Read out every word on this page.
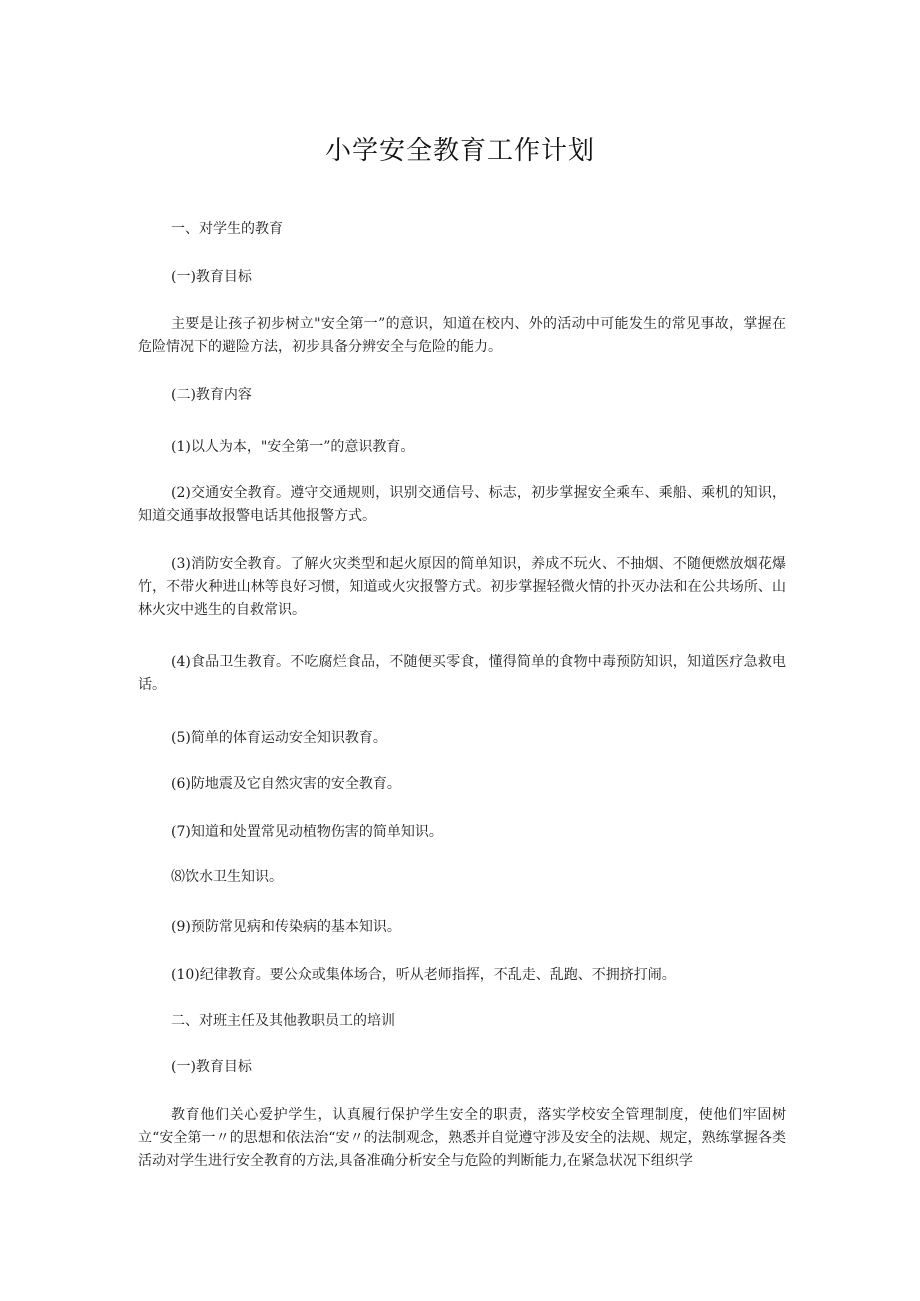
小学安全教育工作计划

一、对学生的教育

(一)教育目标

主要是让孩子初步树立"安全第一”的意识，知道在校内、外的活动中可能发生的常见事故，掌握在危险情况下的避险方法，初步具备分辨安全与危险的能力。

(二)教育内容

(1)以人为本，"安全第一”的意识教育。

(2)交通安全教育。遵守交通规则，识别交通信号、标志，初步掌握安全乘车、乘船、乘机的知识，知道交通事故报警电话其他报警方式。

(3)消防安全教育。了解火灾类型和起火原因的简单知识，养成不玩火、不抽烟、不随便燃放烟花爆竹，不带火种进山林等良好习惯，知道或火灾报警方式。初步掌握轻微火情的扑灭办法和在公共场所、山林火灾中逃生的自救常识。

(4)食品卫生教育。不吃腐烂食品，不随便买零食，懂得简单的食物中毒预防知识，知道医疗急救电话。

(5)简单的体育运动安全知识教育。

(6)防地震及它自然灾害的安全教育。

(7)知道和处置常见动植物伤害的简单知识。

⑻饮水卫生知识。

(9)预防常见病和传染病的基本知识。

(10)纪律教育。要公众或集体场合，听从老师指挥，不乱走、乱跑、不拥挤打闹。

二、对班主任及其他教职员工的培训

(一)教育目标

教育他们关心爱护学生，认真履行保护学生安全的职责，落实学校安全管理制度，使他们牢固树立“安全第一〃的思想和依法治“安〃的法制观念，熟悉并自觉遵守涉及安全的法规、规定，熟练掌握各类活动对学生进行安全教育的方法,具备准确分析安全与危险的判断能力,在紧急状况下组织学
